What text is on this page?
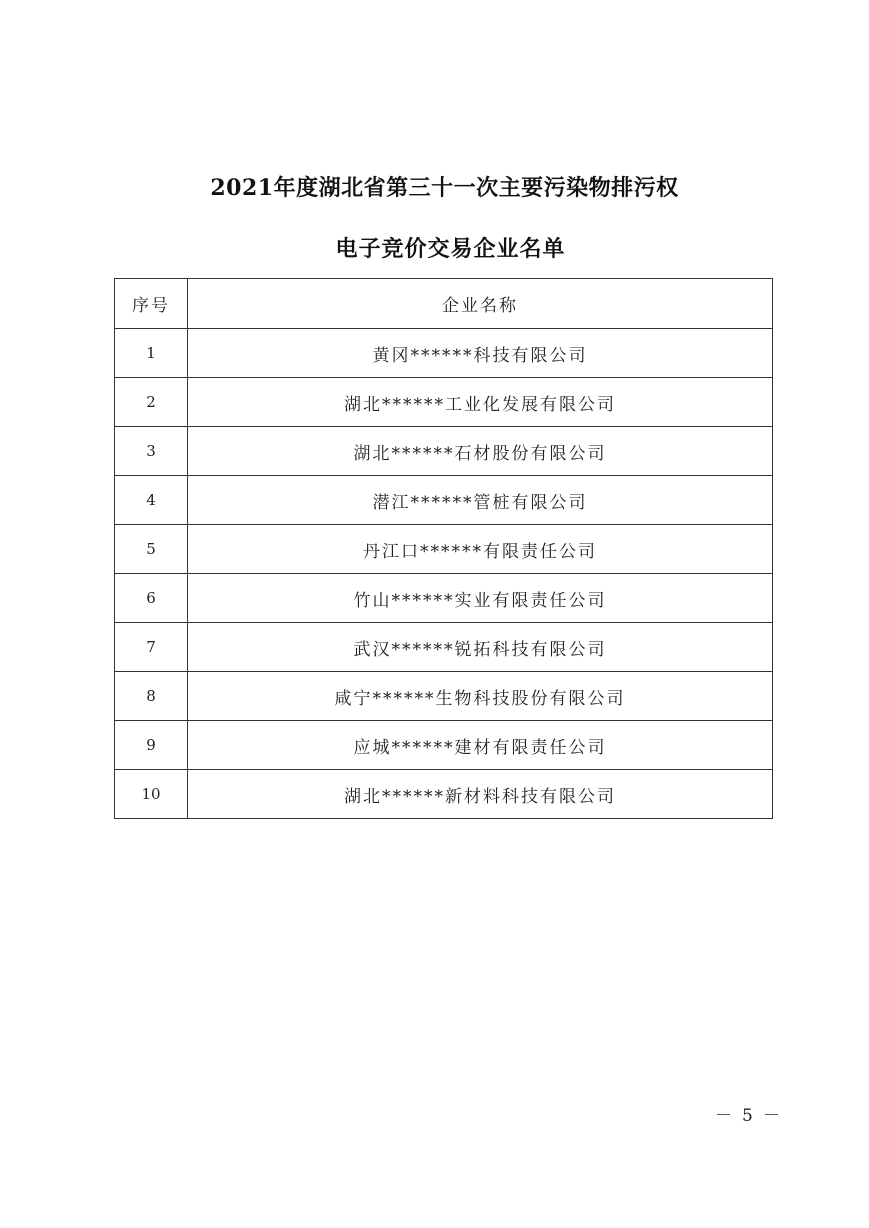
2021年度湖北省第三十一次主要污染物排污权
电子竞价交易企业名单
序号	企业名称
1	黄冈******科技有限公司
2	湖北******工业化发展有限公司
3	湖北******石材股份有限公司
4	潜江******管桩有限公司
5	丹江口******有限责任公司
6	竹山******实业有限责任公司
7	武汉******锐拓科技有限公司
8	咸宁******生物科技股份有限公司
9	应城******建材有限责任公司
10	湖北******新材料科技有限公司
－5－
